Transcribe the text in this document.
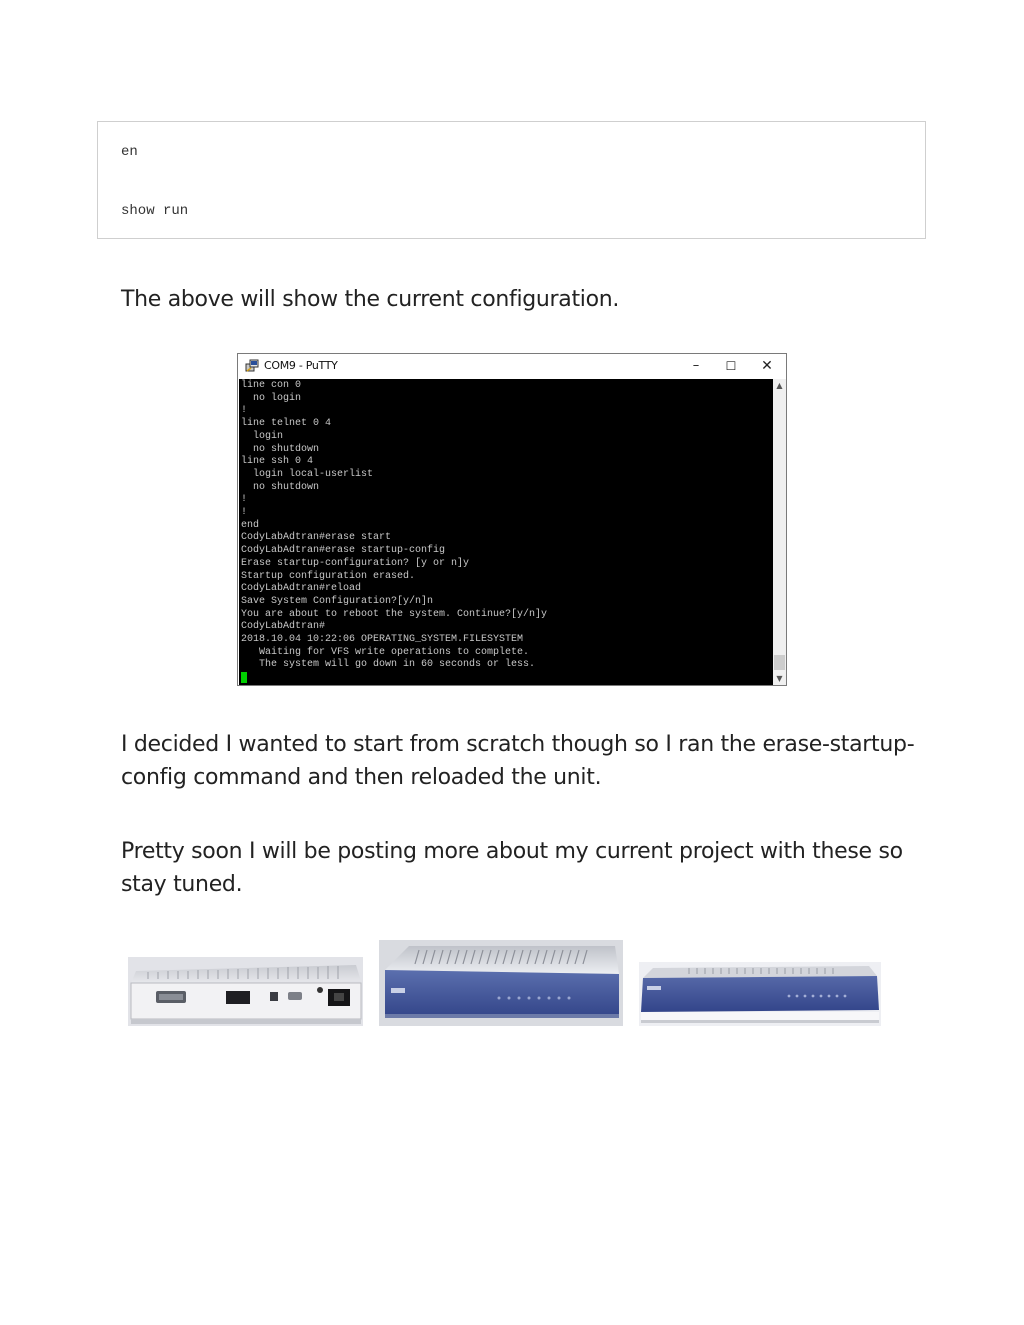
en
show run
The above will show the current configuration.
COM9 - PuTTY	–	☐	✕
line con 0
no login
!
line telnet 0 4
login
no shutdown
line ssh 0 4
login local-userlist
no shutdown
!
!
end
CodyLabAdtran#erase start
CodyLabAdtran#erase startup-config
Erase startup-configuration? [y or n]y
Startup configuration erased.
CodyLabAdtran#reload
Save System Configuration?[y/n]n
You are about to reboot the system. Continue?[y/n]y
CodyLabAdtran#
2018.10.04 10:22:06 OPERATING_SYSTEM.FILESYSTEM
Waiting for VFS write operations to complete.
The system will go down in 60 seconds or less.
▲
▼
I decided I wanted to start from scratch though so I ran the erase-startup-config command and then reloaded the unit.
Pretty soon I will be posting more about my current project with these so stay tuned.
